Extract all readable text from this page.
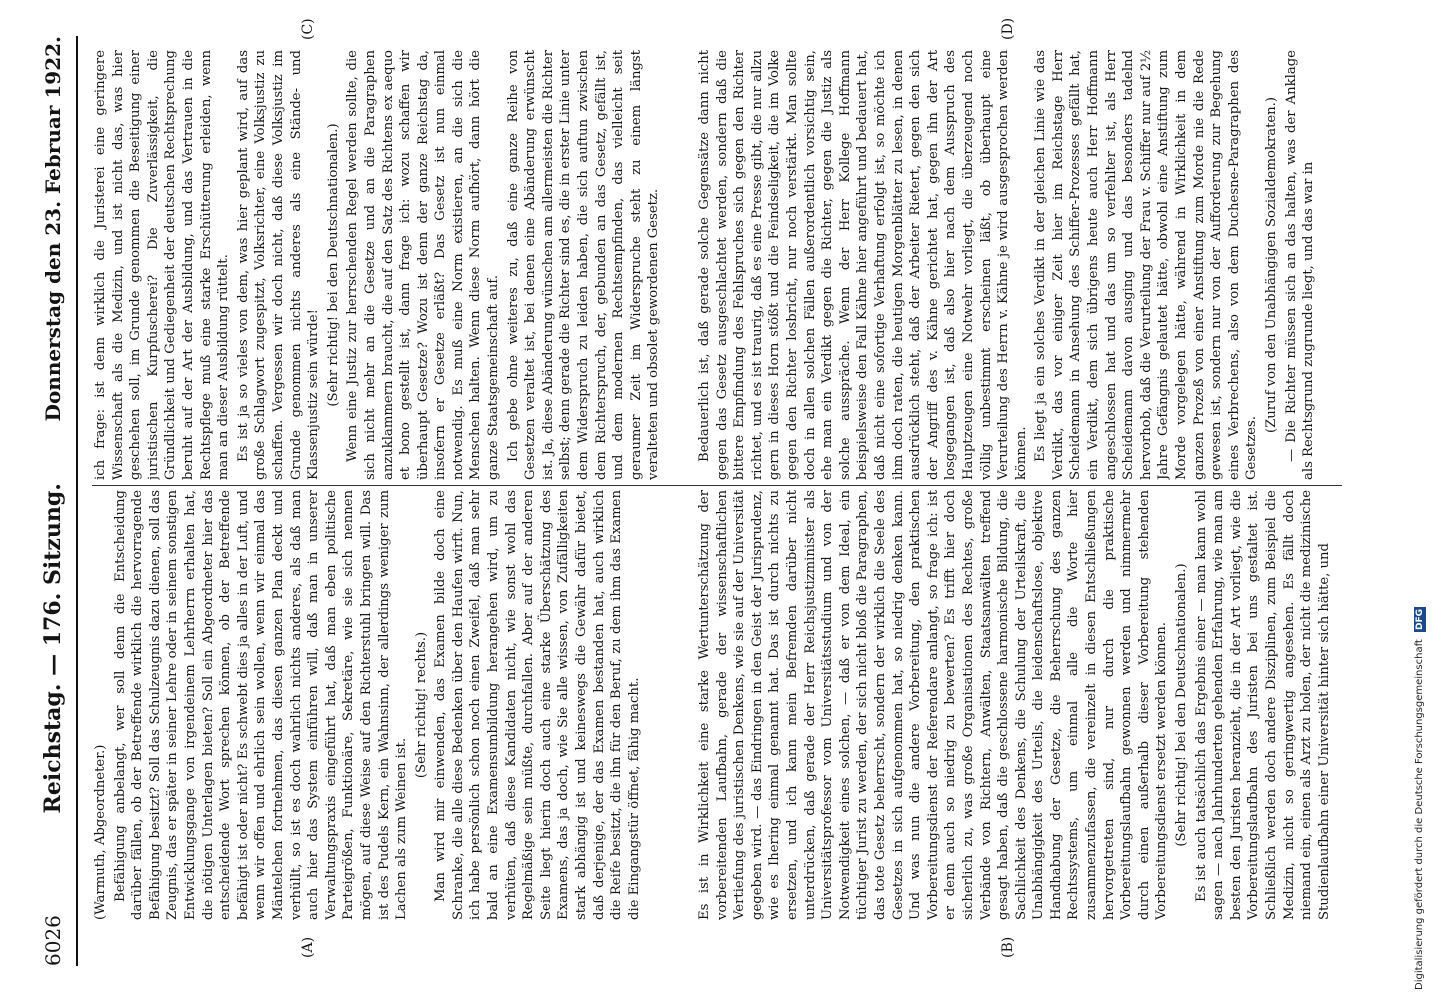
6026
Reichstag. — 176. Sitzung.
Donnerstag den 23. Februar 1922.
(A)	(B)
(C)	(D)

(Warmuth, Abgeordneter.) Befähigung anbelangt, wer soll denn die Entscheidung darüber fällen, ob der Betreffende wirklich die hervorragende Befähigung besitzt? Soll das Schulzeugnis dazu dienen, soll das Zeugnis, das er später in seiner Lehre oder in seinem sonstigen Entwicklungsgange von irgendeinem Lehrherrn erhalten hat, die nötigen Unterlagen bieten? Soll ein Abgeordneter hier das entscheidende Wort sprechen können, ob der Betreffende befähigt ist oder nicht? Es schwebt dies ja alles in der Luft, und wenn wir offen und ehrlich sein wollen, wenn wir einmal das Mäntelchen fortnehmen, das diesen ganzen Plan deckt und verhüllt, so ist es doch wahrlich nichts anderes, als daß man auch hier das System einführen will, daß man in unserer Verwaltungspraxis eingeführt hat, daß man eben politische Parteigrößen, Funktionäre, Sekretäre, wie sie sich nennen mögen, auf diese Weise auf den Richterstuhl bringen will. Das ist des Pudels Kern, ein Wahnsinn, der allerdings weniger zum Lachen als zum Weinen ist.

(Sehr richtig! rechts.) Man wird mir einwenden, das Examen bilde doch eine Schranke, die alle diese Bedenken über den Haufen wirft. Nun, ich habe persönlich schon noch einen Zweifel, daß man sehr bald an eine Examensumbildung herangehen wird, um zu verhüten, daß diese Kandidaten nicht, wie sonst wohl das Regelmäßige sein müßte, durchfallen. Aber auf der anderen Seite liegt hierin doch auch eine starke Überschätzung des Examens, das ja doch, wie Sie alle wissen, von Zufälligkeiten stark abhängig ist und keineswegs die Gewähr dafür bietet, daß derjenige, der das Examen bestanden hat, auch wirklich die Reife besitzt, die ihn für den Beruf, zu dem ihm das Examen die Eingangstür öffnet, fähig macht.	Es ist in Wirklichkeit eine starke Wertunterschätzung der vorbereitenden Laufbahn, gerade der wissenschaftlichen Vertiefung des juristischen Denkens, wie sie auf der Universität gegeben wird. — das Eindringen in den Geist der Jurisprudenz, wie es Ihering einmal genannt hat. Das ist durch nichts zu ersetzen, und ich kann mein Befremden darüber nicht unterdrücken, daß gerade der Herr Reichsjustizminister als Universitätsprofessor vom Universitätsstudium und von der Notwendigkeit eines solchen, — daß er von dem Ideal, ein tüchtiger Jurist zu werden, der sich nicht bloß die Paragraphen, das tote Gesetz beherrscht, sondern der wirklich die Seele des Gesetzes in sich aufgenommen hat, so niedrig denken kann. Und was nun die andere Vorbereitung, den praktischen Vorbereitungsdienst der Referendare anlangt, so frage ich: ist er denn auch so niedrig zu bewerten? Es trifft hier doch sicherlich zu, was große Organisationen des Rechtes, große Verbände von Richtern, Anwälten, Staatsanwälten treffend gesagt haben, daß die geschlossene harmonische Bildung, die Sachlichkeit des Denkens, die Schulung der Urteilskraft, die Unabhängigkeit des Urteils, die leidenschaftslose, objektive Handhabung der Gesetze, die Beherrschung des ganzen Rechtssystems, um einmal alle die Worte hier zusammenzufassen, die vereinzelt in diesen Entschließungen hervorgetreten sind, nur durch die praktische Vorbereitungslaufbahn gewonnen werden und nimmermehr durch einen außerhalb dieser Vorbereitung stehenden Vorbereitungsdienst ersetzt werden können. (Sehr richtig! bei den Deutschnationalen.) Es ist auch tatsächlich das Ergebnis einer — man kann wohl sagen — nach Jahrhunderten gehenden Erfahrung, wie man am besten den Juristen heranzieht, die in der Art vorliegt, wie die Vorbereitungslaufbahn des Juristen bei uns gestaltet ist. Schließlich werden doch andere Disziplinen, zum Beispiel die Medizin, nicht so geringwertig angesehen. Es fällt doch niemand ein, einen als Arzt zu holen, der nicht die medizinische Studienlaufbahn einer Universität hinter sich hätte, und

ich frage: ist denn wirklich die Juristerei eine geringere Wissenschaft als die Medizin, und ist nicht das, was hier geschehen soll, im Grunde genommen die Beseitigung einer juristischen Kurpfuscherei? Die Zuverlässigkeit, die Gründlichkeit und Gediegenheit der deutschen Rechtsprechung beruht auf der Art der Ausbildung, und das Vertrauen in die Rechtspflege muß eine starke Erschütterung erleiden, wenn man an dieser Ausbildung rüttelt. Es ist ja so vieles von dem, was hier geplant wird, auf das große Schlagwort zugespitzt, Volksrichter, eine Volksjustiz zu schaffen. Vergessen wir doch nicht, daß diese Volksjustiz im Grunde genommen nichts anderes als eine Stände- und Klassenjustiz sein würde! (Sehr richtig! bei den Deutschnationalen.) Wenn eine Justiz zur herrschenden Regel werden sollte, die sich nicht mehr an die Gesetze und an die Paragraphen anzuklammern braucht, die auf den Satz des Richtens ex aequo et bono gestellt ist, dann frage ich: wozu schaffen wir überhaupt Gesetze? Wozu ist denn der ganze Reichstag da, insofern er Gesetze erläßt? Das Gesetz ist nun einmal notwendig. Es muß eine Norm existieren, an die sich die Menschen halten. Wenn diese Norm aufhört, dann hört die ganze Staatsgemeinschaft auf. Ich gebe ohne weiteres zu, daß eine ganze Reihe von Gesetzen veraltet ist, bei denen eine Abänderung erwünscht ist. Ja, diese Abänderung wünschen am allermeisten die Richter selbst; denn gerade die Richter sind es, die in erster Linie unter dem Widerspruch zu leiden haben, die sich auftun zwischen dem Richterspruch, der, gebunden an das Gesetz, gefällt ist, und dem modernen Rechtsempfinden, das vielleicht seit geraumer Zeit im Widerspruche steht zu einem längst veralteten und obsolet gewordenen Gesetz.	Bedauerlich ist, daß gerade solche Gegensätze dann nicht gegen das Gesetz ausgeschlachtet werden, sondern daß die bittere Empfindung des Fehlspruches sich gegen den Richter richtet, und es ist traurig, daß es eine Presse gibt, die nur allzu gern in dieses Horn stößt und die Feindseligkeit, die im Volke gegen den Richter losbricht, nur noch verstärkt. Man sollte doch in allen solchen Fällen außerordentlich vorsichtig sein, ehe man ein Verdikt gegen die Richter, gegen die Justiz als solche ausspräche. Wenn der Herr Kollege Hoffmann beispielsweise den Fall Kähne hier angeführt und bedauert hat, daß nicht eine sofortige Verhaftung erfolgt ist, so möchte ich ihm doch raten, die heutigen Morgenblätter zu lesen, in denen ausdrücklich steht, daß der Arbeiter Rietert, gegen den sich der Angriff des v. Kähne gerichtet hat, gegen ihn der Art losgegangen ist, daß also hier nach dem Ausspruch des Hauptzeugen eine Notwehr vorliegt, die überzeugend noch völlig unbestimmt erscheinen läßt, ob überhaupt eine Verurteilung des Herrn v. Kähne je wird ausgesprochen werden können. Es liegt ja ein solches Verdikt in der gleichen Linie wie das Verdikt, das vor einiger Zeit hier im Reichstage Herr Scheidemann in Ansehung des Schiffer-Prozesses gefällt hat, ein Verdikt, dem sich übrigens heute auch Herr Hoffmann angeschlossen hat und das um so verfehlter ist, als Herr Scheidemann davon ausging und das besonders tadelnd hervorhob, daß die Verurteilung der Frau v. Schiffer nur auf 2½ Jahre Gefängnis gelautet hätte, obwohl eine Anstiftung zum Morde vorgelegen hätte, während in Wirklichkeit in dem ganzen Prozeß von einer Anstiftung zum Morde nie die Rede gewesen ist, sondern nur von der Aufforderung zur Begehung eines Verbrechens, also von dem Duchesne-Paragraphen des Gesetzes.

(Zuruf von den Unabhängigen Sozialdemokraten.) — Die Richter müssen sich an das halten, was der Anklage als Rechtsgrund zugrunde liegt, und das war in

Digitalisierung gefördert durch die Deutsche Forschungsgemeinschaft DFG
